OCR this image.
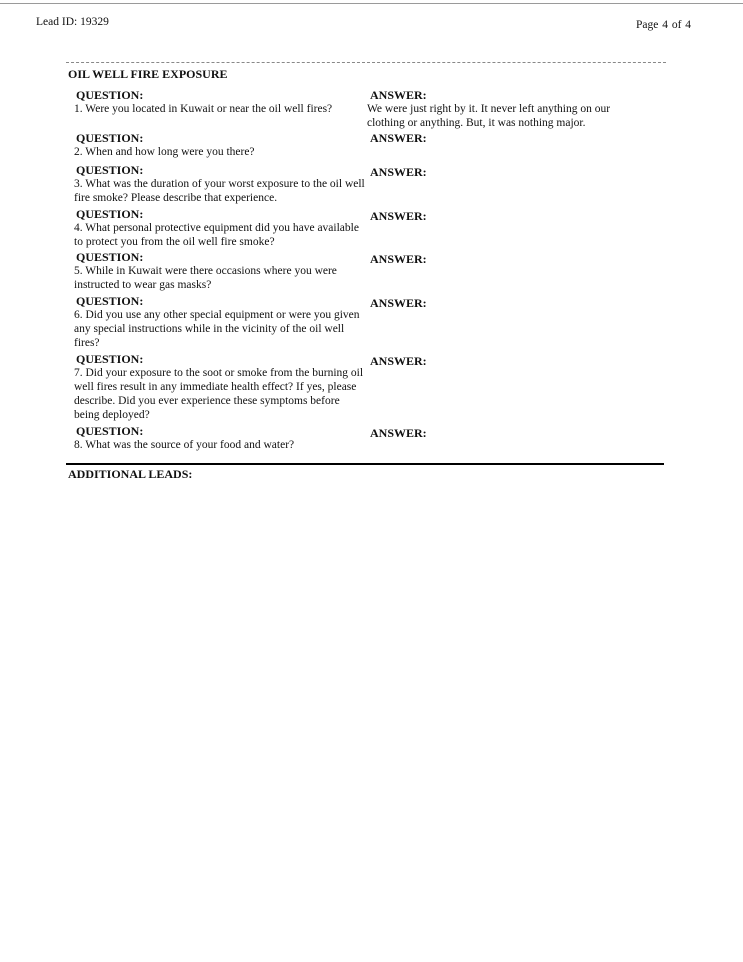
Lead ID: 19329	Page 4 of 4
OIL WELL FIRE EXPOSURE
QUESTION:	ANSWER:
1. Were you located in Kuwait or near the oil well fires?	We were just right by it. It never left anything on our clothing or anything. But, it was nothing major.
QUESTION:	ANSWER:
2. When and how long were you there?
QUESTION:	ANSWER:
3. What was the duration of your worst exposure to the oil well fire smoke? Please describe that experience.
QUESTION:	ANSWER:
4. What personal protective equipment did you have available to protect you from the oil well fire smoke?
QUESTION:	ANSWER:
5. While in Kuwait were there occasions where you were instructed to wear gas masks?
QUESTION:	ANSWER:
6. Did you use any other special equipment or were you given any special instructions while in the vicinity of the oil well fires?
QUESTION:	ANSWER:
7. Did your exposure to the soot or smoke from the burning oil well fires result in any immediate health effect? If yes, please describe. Did you ever experience these symptoms before being deployed?
QUESTION:	ANSWER:
8. What was the source of your food and water?
ADDITIONAL LEADS:
